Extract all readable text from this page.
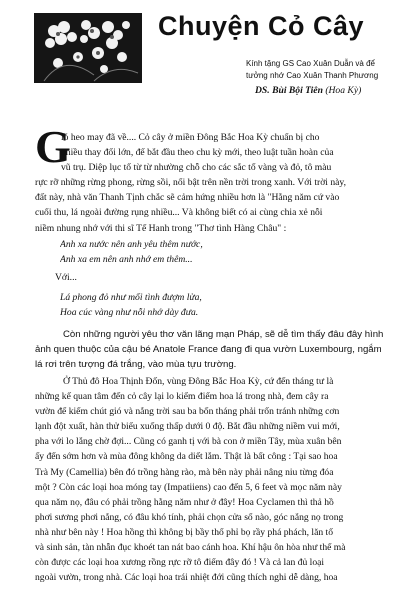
Chuyện Cỏ Cây
Kính tặng GS Cao Xuân Duẫn và để
tưởng nhớ Cao Xuân Thanh Phương
DS. Bùi Bội Tiên (Hoa Kỳ)
G
ió heo may đã về.... Cỏ cây ở miền Đông Bắc Hoa Kỳ chuẩn bị cho
nhiều thay đổi lớn, để bắt đầu theo chu kỳ mới, theo luật tuần hoàn của
vũ trụ. Diệp lục tố từ từ nhường chỗ cho các sắc tố vàng và đỏ, tô màu
rực rỡ những rừng phong, rừng sồi, nổi bật trên nền trời trong xanh. Với trời này,
đất này, nhà văn Thanh Tịnh chắc sẽ cảm hứng nhiều hơn là "Hằng năm cứ vào
cuối thu, lá ngoài đường rụng nhiều... Và không biết có ai cùng chia xẻ nỗi
niềm nhung nhớ với thi sĩ Tế Hanh trong "Thơ tình Hàng Châu" :
Anh xa nước nên anh yêu thêm nước,
Anh xa em nên anh nhớ em thêm...
Với...
Lá phong đỏ như mối tình đượm lửa,
Hoa cúc vàng như nỗi nhớ dày đưa.
Còn những người yêu thơ văn lãng mạn Pháp, sẽ dễ tìm thấy đâu đây hình
ảnh quen thuộc của cậu bé Anatole France đang đi qua vườn Luxembourg, ngắm
lá rơi trên tượng đá trắng, vào mùa tựu trường.
Ở Thủ đô Hoa Thịnh Đốn, vùng Đông Bắc Hoa Kỳ, cứ đến tháng tư là
những kế quan tâm đến cỏ cây lại lo kiểm điểm hoa lá trong nhà, đem cây ra
vườn để kiếm chút gió và nắng trời sau ba bốn tháng phải trốn tránh những cơn
lạnh đột xuất, hàn thử biểu xuống thấp dưới 0 độ. Bắt đầu những niềm vui mới,
pha với lo lắng chờ đợi... Cũng có ganh tị với bà con ở miền Tây, mùa xuân bên
ấy đến sớm hơn và mùa đông không da diết lắm. Thật là bất công : Tại sao hoa
Trà My (Camellia) bên đó trồng hàng rào, mà bên này phải nâng niu từng đóa
một ? Còn các loại hoa móng tay (Impatiiens) cao đến 5, 6 feet và mọc năm này
qua năm nọ, đâu có phải trồng hằng năm như ở đây! Hoa Cyclamen thì thả hồ
phơi sương phơi nắng, có đâu khó tính, phải chọn cửa sổ nào, góc nắng nọ trong
nhà như bên này ! Hoa hồng thì không bị bầy thổ phỉ bọ rầy phá phách, lăn tố
và sinh sản, tàn nhẫn đục khoét tan nát bao cánh hoa. Khí hậu ôn hòa như thế mà
còn được các loại hoa xương rồng rực rỡ tô điểm đây đó ! Và cả lan đủ loại
ngoài vườn, trong nhà. Các loại hoa trái nhiệt đới cũng thích nghi dễ dàng, hoa
